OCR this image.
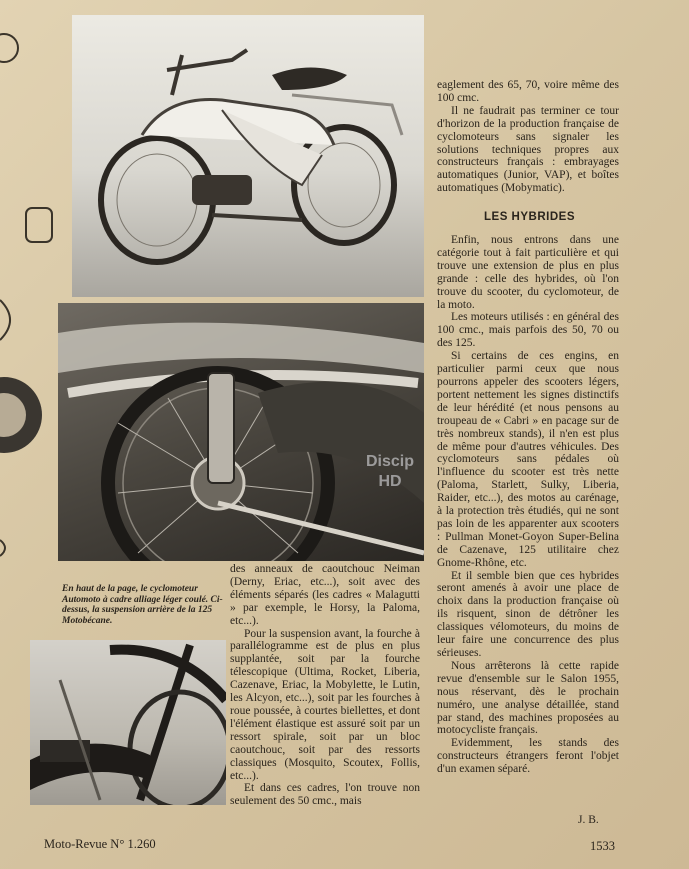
Discip HD
En haut de la page, le cyclomoteur Automoto à cadre alliage léger coulé. Ci-dessus, la suspension arrière de la 125 Motobécane.

des anneaux de caoutchouc Neiman (Derny, Eriac, etc...), soit avec des éléments séparés (les cadres « Malagutti » par exemple, le Horsy, la Paloma, etc...).

Pour la suspension avant, la fourche à parallélogramme est de plus en plus supplantée, soit par la fourche télescopique (Ultima, Rocket, Liberia, Cazenave, Eriac, la Mobylette, le Lutin, les Alcyon, etc...), soit par les fourches à roue poussée, à courtes biellettes, et dont l'élément élastique est assuré soit par un ressort spirale, soit par un bloc caoutchouc, soit par des ressorts classiques (Mosquito, Scoutex, Follis, etc...).

Et dans ces cadres, l'on trouve non seulement des 50 cmc., mais

eaglement des 65, 70, voire même des 100 cmc.

Il ne faudrait pas terminer ce tour d'horizon de la production française de cyclomoteurs sans signaler les solutions techniques propres aux constructeurs français : embrayages automatiques (Junior, VAP), et boîtes automatiques (Mobymatic).

LES HYBRIDES

Enfin, nous entrons dans une catégorie tout à fait particulière et qui trouve une extension de plus en plus grande : celle des hybrides, où l'on trouve du scooter, du cyclomoteur, de la moto.

Les moteurs utilisés : en général des 100 cmc., mais parfois des 50, 70 ou des 125.

Si certains de ces engins, en particulier parmi ceux que nous pourrons appeler des scooters légers, portent nettement les signes distinctifs de leur hérédité (et nous pensons au troupeau de « Cabri » en pacage sur de très nombreux stands), il n'en est plus de même pour d'autres véhicules. Des cyclomoteurs sans pédales où l'influence du scooter est très nette (Paloma, Starlett, Sulky, Liberia, Raider, etc...), des motos au carénage, à la protection très étudiés, qui ne sont pas loin de les apparenter aux scooters : Pullman Monet-Goyon Super-Belina de Cazenave, 125 utilitaire chez Gnome-Rhône, etc.

Et il semble bien que ces hybrides seront amenés à avoir une place de choix dans la production française où ils risquent, sinon de détrôner les classiques vélomoteurs, du moins de leur faire une concurrence des plus sérieuses.

Nous arrêterons là cette rapide revue d'ensemble sur le Salon 1955, nous réservant, dès le prochain numéro, une analyse détaillée, stand par stand, des machines proposées au motocycliste français.

Evidemment, les stands des constructeurs étrangers feront l'objet d'un examen séparé.

J. B.
Moto-Revue N° 1.260	1533
